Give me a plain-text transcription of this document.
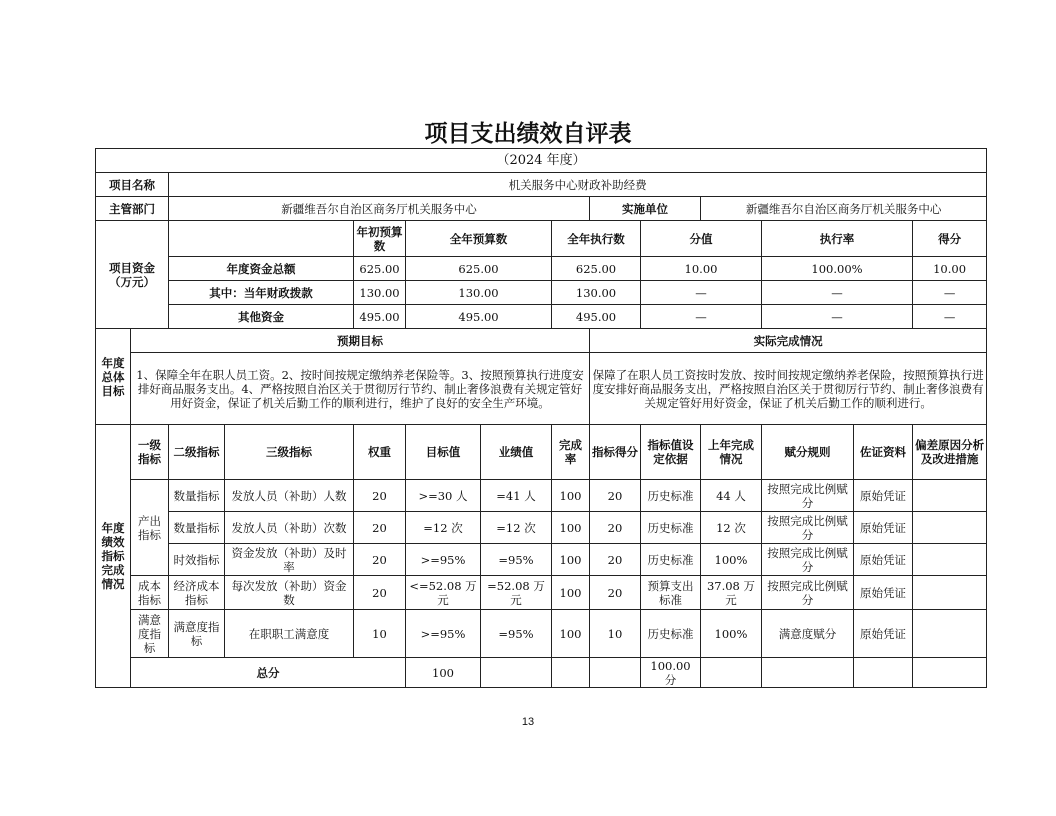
项目支出绩效自评表
（2024 年度）														
项目名称		机关服务中心财政补助经费												
主管部门		新疆维吾尔自治区商务厅机关服务中心						实施单位		新疆维吾尔自治区商务厅机关服务中心				
项目资金（万元）				年初预算数	全年预算数		全年执行数		分值		执行率		得分	
		年度资金总额		625.00	625.00		625.00		10.00		100.00%		10.00	
		其中：当年财政拨款		130.00	130.00		130.00		—		—		—	
		其他资金		495.00	495.00		495.00		—		—		—	
年度总体目标	预期目标							实际完成情况						
	1、保障全年在职人员工资。2、按时间按规定缴纳养老保险等。3、按照预算执行进度安排好商品服务支出。4、严格按照自治区关于贯彻厉行节约、制止奢侈浪费有关规定管好用好资金，保证了机关后勤工作的顺利进行，维护了良好的安全生产环境。							保障了在职人员工资按时发放、按时间按规定缴纳养老保险，按照预算执行进度安排好商品服务支出，严格按照自治区关于贯彻厉行节约、制止奢侈浪费有关规定管好用好资金，保证了机关后勤工作的顺利进行。						
年度绩效指标完成情况	一级指标	二级指标	三级指标	权重	目标值	业绩值	完成率	指标得分	指标值设定依据	上年完成情况	赋分规则	佐证资料	偏差原因分析及改进措施	
	产出指标	数量指标	发放人员（补助）人数	20	>=30 人	=41 人	100	20	历史标准	44 人	按照完成比例赋分	原始凭证		
		数量指标	发放人员（补助）次数	20	=12 次	=12 次	100	20	历史标准	12 次	按照完成比例赋分	原始凭证		
		时效指标	资金发放（补助）及时率	20	>=95%	=95%	100	20	历史标准	100%	按照完成比例赋分	原始凭证		
	成本指标	经济成本指标	每次发放（补助）资金数	20	<=52.08 万元	=52.08 万元	100	20	预算支出标准	37.08 万元	按照完成比例赋分	原始凭证		
	满意度指标	满意度指标	在职职工满意度	10	>=95%	=95%	100	10	历史标准	100%	满意度赋分	原始凭证		
	总分				100				100.00 分					
13
